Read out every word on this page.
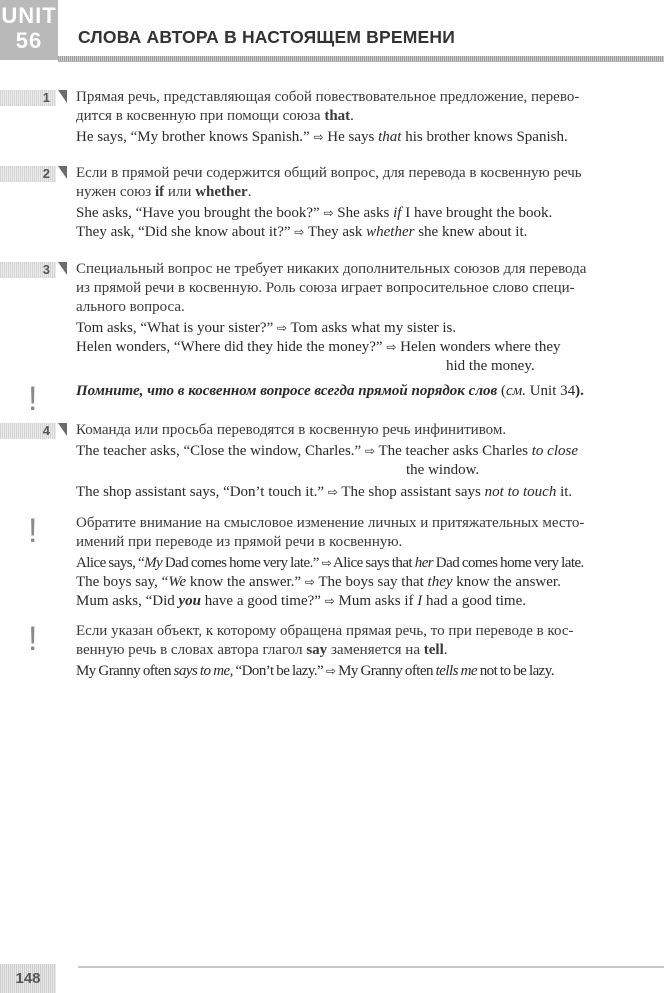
UNIT
56	СЛОВА АВТОРА В НАСТОЯЩЕМ ВРЕМЕНИ
1 Прямая речь, представляющая собой повествовательное предложение, перево-
дится в косвенную при помощи союза that.

He says, “My brother knows Spanish.” ⇨ He says that his brother knows Spanish.

2 Если в прямой речи содержится общий вопрос, для перевода в косвенную речь
нужен союз if или whether.

She asks, “Have you brought the book?” ⇨ She asks if I have brought the book.

They ask, “Did she know about it?” ⇨ They ask whether she knew about it.

3 Специальный вопрос не требует никаких дополнительных союзов для перевода
из прямой речи в косвенную. Роль союза играет вопросительное слово специ-
ального вопроса.

Tom asks, “What is your sister?” ⇨ Tom asks what my sister is.

Helen wonders, “Where did they hide the money?” ⇨ Helen wonders where they

hid the money.

!	Помните, что в косвенном вопросе всегда прямой порядок слов (см. Unit 34).

4 Команда или просьба переводятся в косвенную речь инфинитивом.

The teacher asks, “Close the window, Charles.” ⇨ The teacher asks Charles to close

the window.

The shop assistant says, “Don’t touch it.” ⇨ The shop assistant says not to touch it.

!	Обратите внимание на смысловое изменение личных и притяжательных место-
имений при переводе из прямой речи в косвенную.

Alice says, “My Dad comes home very late.” ⇨ Alice says that her Dad comes home very late.

The boys say, “We know the answer.” ⇨ The boys say that they know the answer.

Mum asks, “Did you have a good time?” ⇨ Mum asks if I had a good time.

!	Если указан объект, к которому обращена прямая речь, то при переводе в кос-
венную речь в словах автора глагол say заменяется на tell.

My Granny often says to me, “Don’t be lazy.” ⇨ My Granny often tells me not to be lazy.

148
